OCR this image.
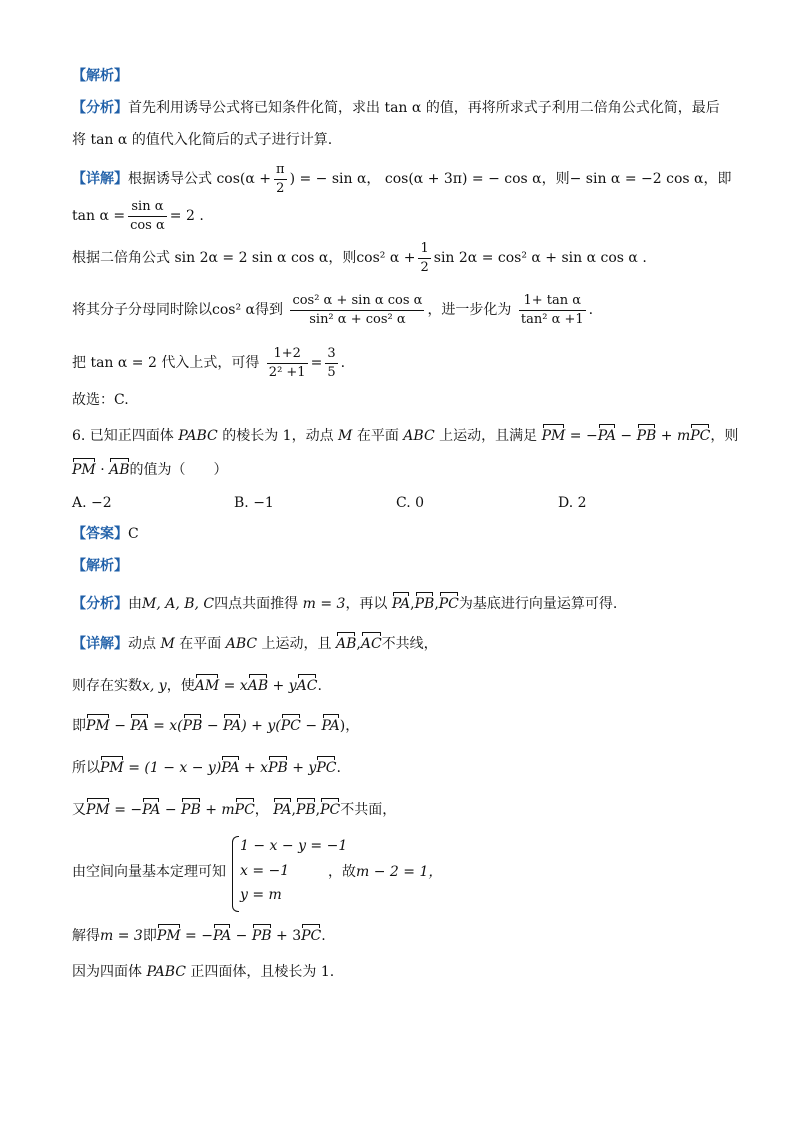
【解析】
【分析】首先利用诱导公式将已知条件化简，求出 tan α 的值，再将所求式子利用二倍角公式化简，最后
将 tan α 的值代入化简后的式子进行计算.
【详解】根据诱导公式 $\cos(\alpha + \frac{\pi}{2}$ ) = − sin α， cos(α + 3π) = − cos α，则− sin α = −2 cos α，即
$\tan \alpha = \frac{\text{sin α}}{\text{cos α}} = 2$ .
根据二倍角公式 sin 2α = 2 sin α cos α，则cos² $\alpha + \frac{1}{2}$ sin 2α = cos² α + sin α cos α .
将其分子分母同时除以cos² α得到 $\frac{\text{cos² α + sin α cos α}}{\text{sin² α + cos² α}}$ ，进一步化为 $\frac{\text{1+ tan α}}{\text{tan² α +1}}$ .
把 tan α = 2 代入上式，可得 $\frac{1+2}{\text{2² +1}} = \frac{3}{5}$ .
故选：C.
6. 已知正四面体 PABC 的棱长为 1，动点 M 在平面 ABC 上运动，且满足 PM = −PA − PB + mPC，则
PM · AB的值为（　　）
A. −2	B. −1	C. 0	D. 2
【答案】C
【解析】
【分析】由M, A, B, C四点共面推得 m = 3，再以 PA,PB,PC为基底进行向量运算可得.
【详解】动点 M 在平面 ABC 上运动，且 AB,AC不共线，
则存在实数x, y，使AM = xAB + yAC.
即PM − PA = x(PB − PA) + y(PC − PA)，
所以PM = (1 − x − y)PA + xPB + yPC.
又PM = −PA − PB + mPC， PA,PB,PC不共面，
由空间向量基本定理可知
1 − x − y = −1
x = −1
y = m
，故m − 2 = 1，
解得m = 3即PM = −PA − PB + 3PC.
因为四面体 PABC 正四面体，且棱长为 1.
